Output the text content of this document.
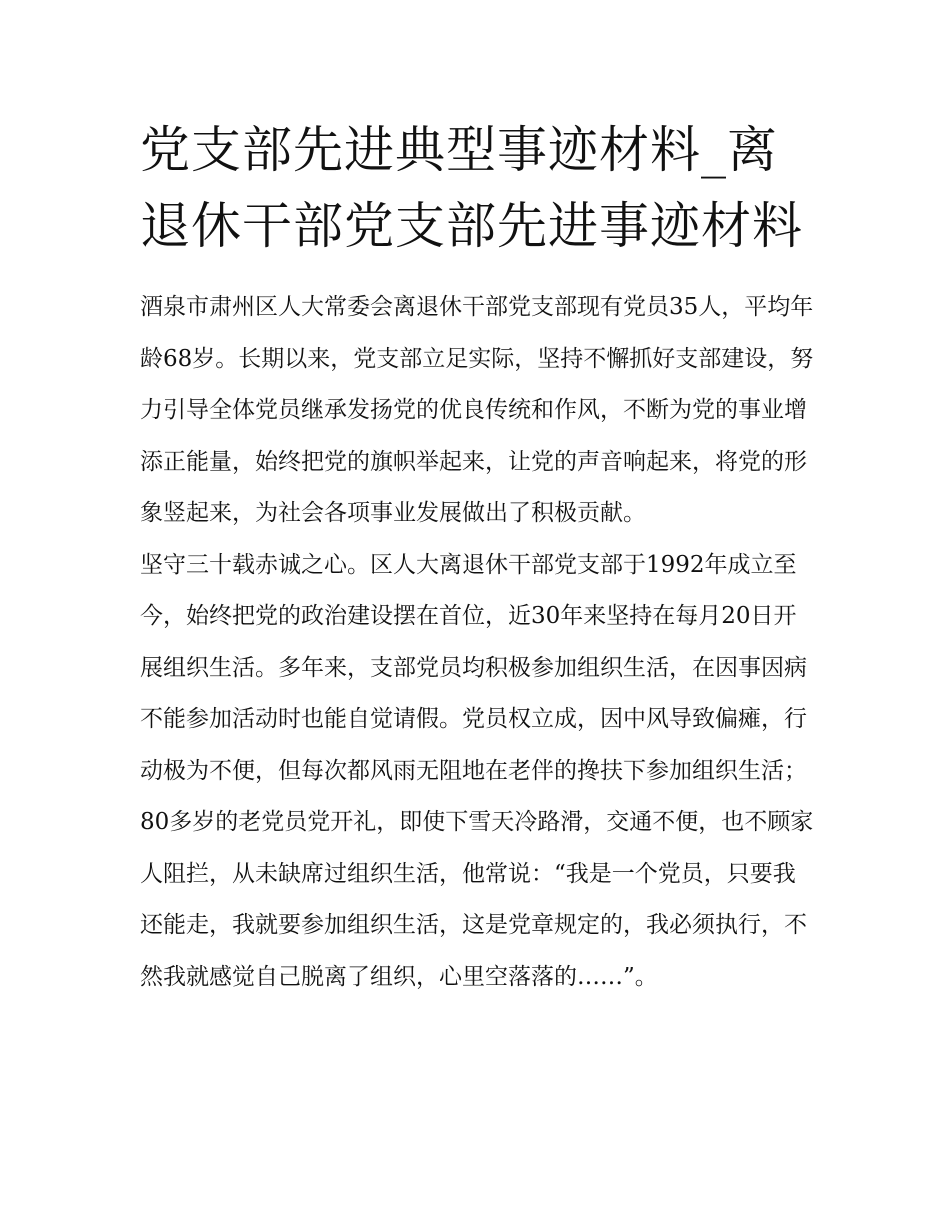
党支部先进典型事迹材料_离退休干部党支部先进事迹材料

酒泉市肃州区人大常委会离退休干部党支部现有党员35人，平均年龄68岁。长期以来，党支部立足实际，坚持不懈抓好支部建设，努力引导全体党员继承发扬党的优良传统和作风，不断为党的事业增添正能量，始终把党的旗帜举起来，让党的声音响起来，将党的形象竖起来，为社会各项事业发展做出了积极贡献。

坚守三十载赤诚之心。区人大离退休干部党支部于1992年成立至今，始终把党的政治建设摆在首位，近30年来坚持在每月20日开展组织生活。多年来，支部党员均积极参加组织生活，在因事因病不能参加活动时也能自觉请假。党员权立成，因中风导致偏瘫，行动极为不便，但每次都风雨无阻地在老伴的搀扶下参加组织生活；80多岁的老党员党开礼，即使下雪天冷路滑，交通不便，也不顾家人阻拦，从未缺席过组织生活，他常说：“我是一个党员，只要我还能走，我就要参加组织生活，这是党章规定的，我必须执行，不然我就感觉自己脱离了组织，心里空落落的……”。
